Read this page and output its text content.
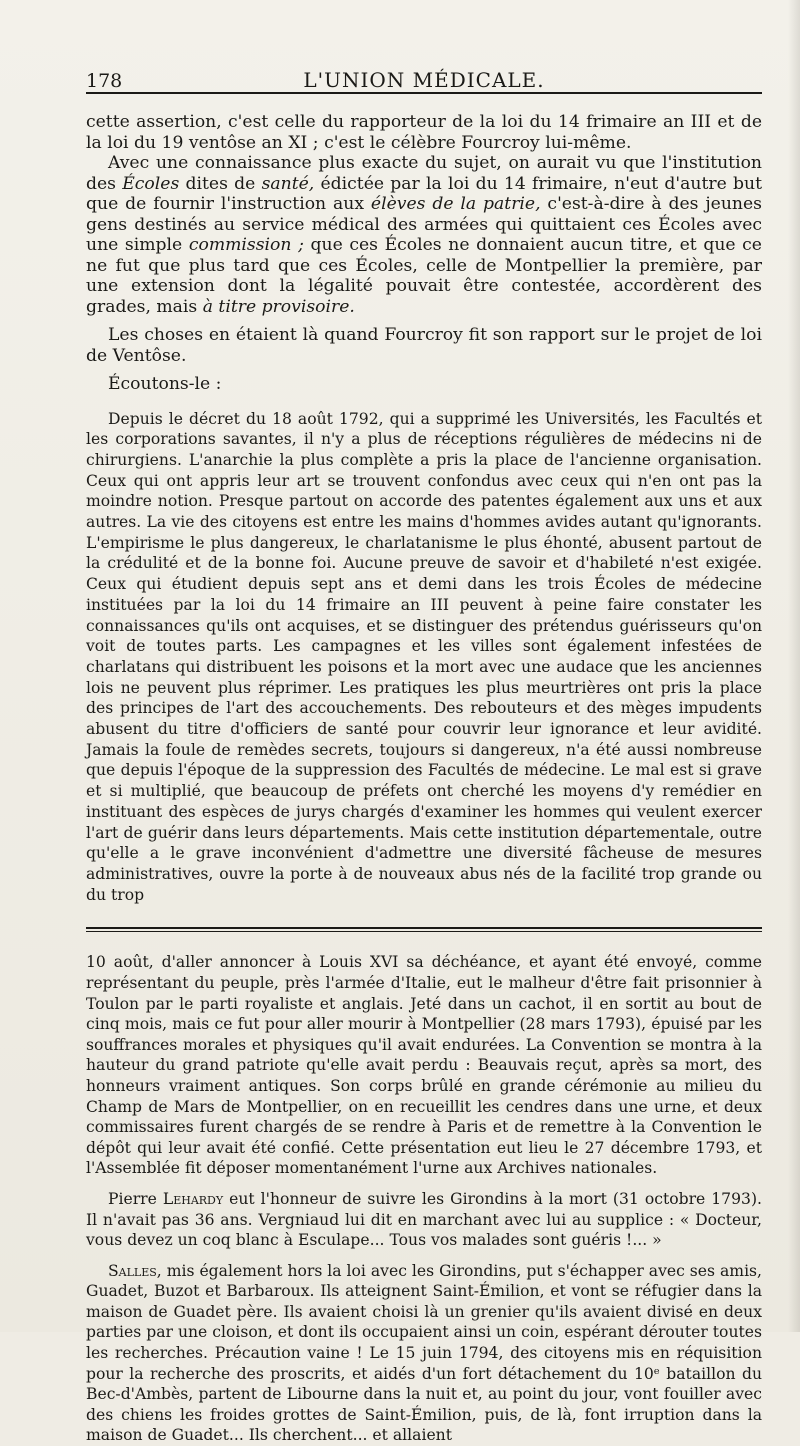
178	L'UNION MÉDICALE.

cette assertion, c'est celle du rapporteur de la loi du 14 frimaire an III et de la loi du 19 ventôse an XI ; c'est le célèbre Fourcroy lui-même.

Avec une connaissance plus exacte du sujet, on aurait vu que l'institution des Écoles dites de santé, édictée par la loi du 14 frimaire, n'eut d'autre but que de fournir l'instruction aux élèves de la patrie, c'est-à-dire à des jeunes gens destinés au service médical des armées qui quittaient ces Écoles avec une simple commission ; que ces Écoles ne donnaient aucun titre, et que ce ne fut que plus tard que ces Écoles, celle de Montpellier la première, par une extension dont la légalité pouvait être contestée, accordèrent des grades, mais à titre provisoire.

Les choses en étaient là quand Fourcroy fit son rapport sur le projet de loi de Ventôse.

Écoutons-le :

Depuis le décret du 18 août 1792, qui a supprimé les Universités, les Facultés et les corporations savantes, il n'y a plus de réceptions régulières de médecins ni de chirurgiens. L'anarchie la plus complète a pris la place de l'ancienne organisation. Ceux qui ont appris leur art se trouvent confondus avec ceux qui n'en ont pas la moindre notion. Presque partout on accorde des patentes également aux uns et aux autres. La vie des citoyens est entre les mains d'hommes avides autant qu'ignorants. L'empirisme le plus dangereux, le charlatanisme le plus éhonté, abusent partout de la crédulité et de la bonne foi. Aucune preuve de savoir et d'habileté n'est exigée. Ceux qui étudient depuis sept ans et demi dans les trois Écoles de médecine instituées par la loi du 14 frimaire an III peuvent à peine faire constater les connaissances qu'ils ont acquises, et se distinguer des prétendus guérisseurs qu'on voit de toutes parts. Les campagnes et les villes sont également infestées de charlatans qui distribuent les poisons et la mort avec une audace que les anciennes lois ne peuvent plus réprimer. Les pratiques les plus meurtrières ont pris la place des principes de l'art des accouchements. Des rebouteurs et des mèges impudents abusent du titre d'officiers de santé pour couvrir leur ignorance et leur avidité. Jamais la foule de remèdes secrets, toujours si dangereux, n'a été aussi nombreuse que depuis l'époque de la suppression des Facultés de médecine. Le mal est si grave et si multiplié, que beaucoup de préfets ont cherché les moyens d'y remédier en instituant des espèces de jurys chargés d'examiner les hommes qui veulent exercer l'art de guérir dans leurs départements. Mais cette institution départementale, outre qu'elle a le grave inconvénient d'admettre une diversité fâcheuse de mesures administratives, ouvre la porte à de nouveaux abus nés de la facilité trop grande ou du trop

10 août, d'aller annoncer à Louis XVI sa déchéance, et ayant été envoyé, comme représentant du peuple, près l'armée d'Italie, eut le malheur d'être fait prisonnier à Toulon par le parti royaliste et anglais. Jeté dans un cachot, il en sortit au bout de cinq mois, mais ce fut pour aller mourir à Montpellier (28 mars 1793), épuisé par les souffrances morales et physiques qu'il avait endurées. La Convention se montra à la hauteur du grand patriote qu'elle avait perdu : Beauvais reçut, après sa mort, des honneurs vraiment antiques. Son corps brûlé en grande cérémonie au milieu du Champ de Mars de Montpellier, on en recueillit les cendres dans une urne, et deux commissaires furent chargés de se rendre à Paris et de remettre à la Convention le dépôt qui leur avait été confié. Cette présentation eut lieu le 27 décembre 1793, et l'Assemblée fit déposer momentanément l'urne aux Archives nationales.

Pierre Lehardy eut l'honneur de suivre les Girondins à la mort (31 octobre 1793). Il n'avait pas 36 ans. Vergniaud lui dit en marchant avec lui au supplice : « Docteur, vous devez un coq blanc à Esculape... Tous vos malades sont guéris !... »

Salles, mis également hors la loi avec les Girondins, put s'échapper avec ses amis, Guadet, Buzot et Barbaroux. Ils atteignent Saint-Émilion, et vont se réfugier dans la maison de Guadet père. Ils avaient choisi là un grenier qu'ils avaient divisé en deux parties par une cloison, et dont ils occupaient ainsi un coin, espérant dérouter toutes les recherches. Précaution vaine ! Le 15 juin 1794, des citoyens mis en réquisition pour la recherche des proscrits, et aidés d'un fort détachement du 10ᵉ bataillon du Bec-d'Ambès, partent de Libourne dans la nuit et, au point du jour, vont fouiller avec des chiens les froides grottes de Saint-Émilion, puis, de là, font irruption dans la maison de Guadet... Ils cherchent... et allaient
